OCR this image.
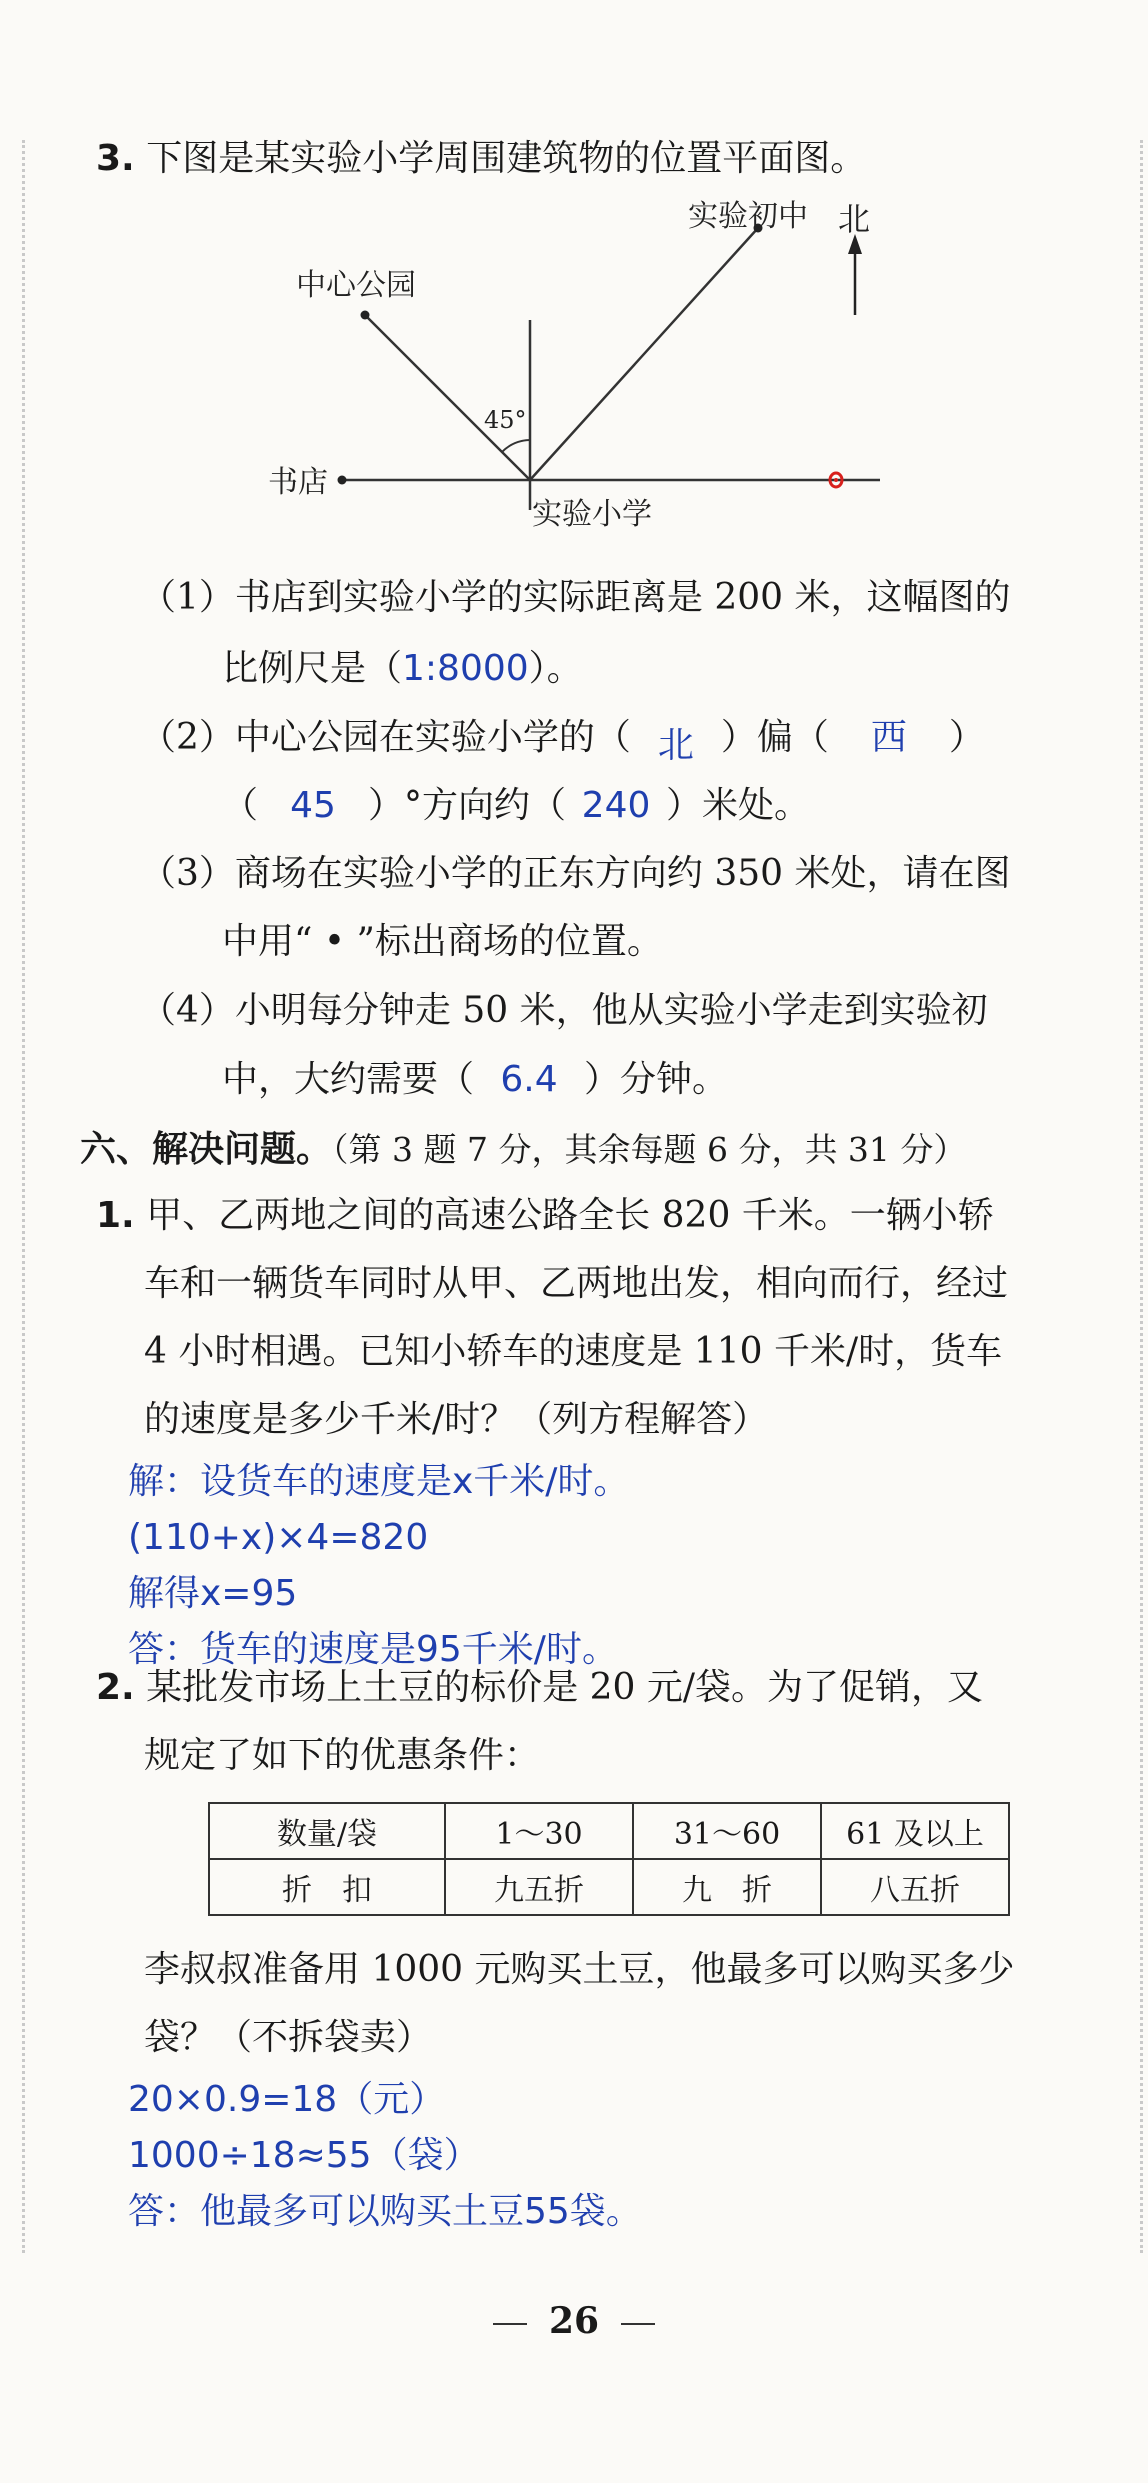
3. 下图是某实验小学周围建筑物的位置平面图。
北
实验初中
中心公园
45°
书店
实验小学
（1）书店到实验小学的实际距离是 200 米，这幅图的
比例尺是（1:8000）。
（2）中心公园在实验小学的（ 北 ）偏（ 西 ）
（ 45 ）°方向约（ 240 ）米处。
（3）商场在实验小学的正东方向约 350 米处，请在图
中用“ • ”标出商场的位置。
（4）小明每分钟走 50 米，他从实验小学走到实验初
中，大约需要（ 6.4 ）分钟。
六、解决问题。（第 3 题 7 分，其余每题 6 分，共 31 分）
1. 甲、乙两地之间的高速公路全长 820 千米。一辆小轿
车和一辆货车同时从甲、乙两地出发，相向而行，经过
4 小时相遇。已知小轿车的速度是 110 千米/时，货车
的速度是多少千米/时？（列方程解答）
解：设货车的速度是x千米/时。
(110+x)×4=820
解得x=95
答：货车的速度是95千米/时。
2. 某批发市场上土豆的标价是 20 元/袋。为了促销，又
规定了如下的优惠条件：
数量/袋	1～30	31～60	61 及以上
折　扣	九五折	九　折	八五折
李叔叔准备用 1000 元购买土豆，他最多可以购买多少
袋？（不拆袋卖）
20×0.9=18（元）
1000÷18≈55（袋）
答：他最多可以购买土豆55袋。
26
